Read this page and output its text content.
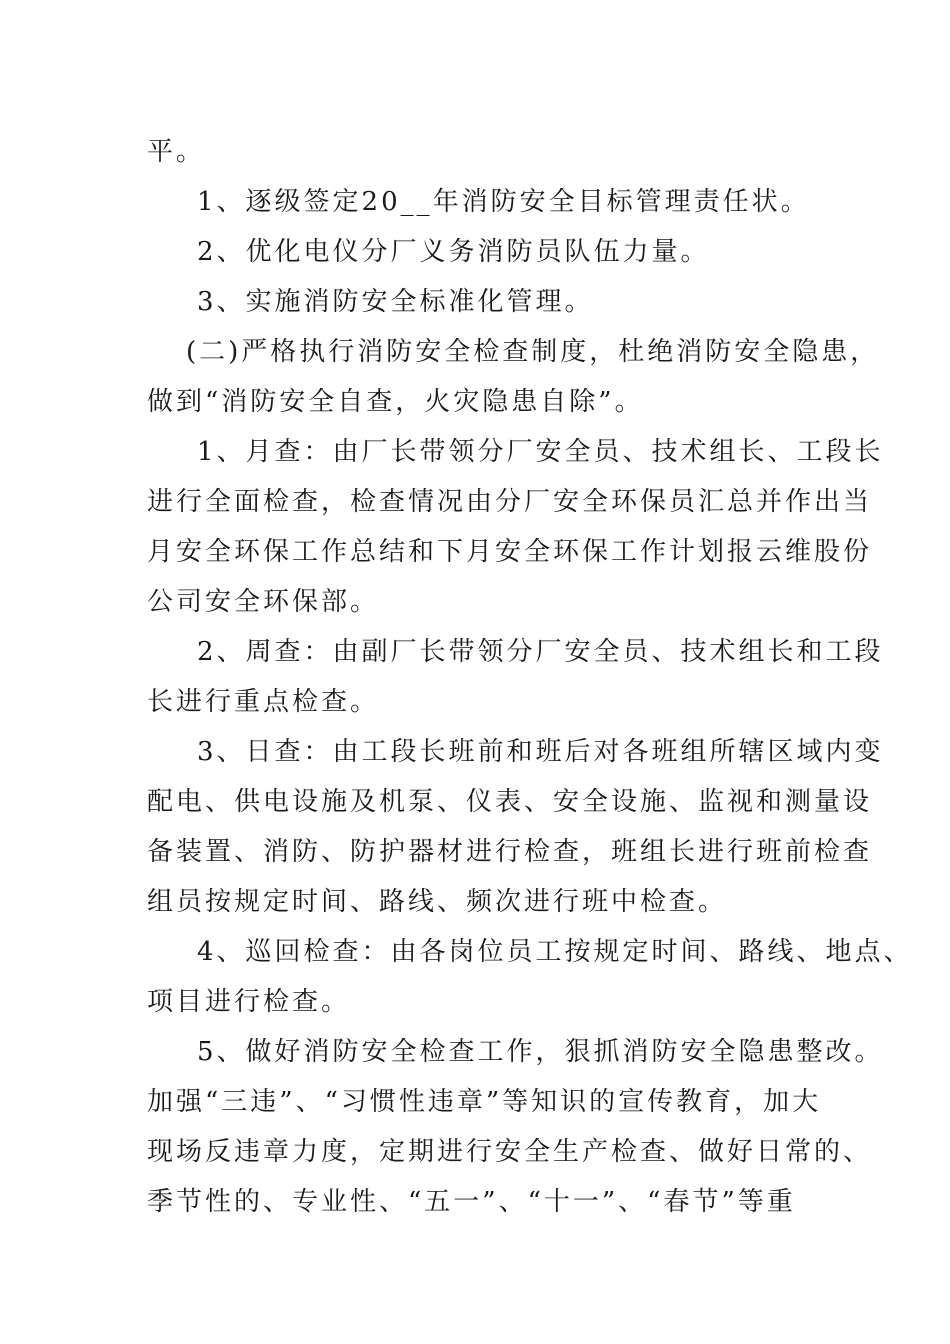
平。
1、逐级签定20__年消防安全目标管理责任状。
2、优化电仪分厂义务消防员队伍力量。
3、实施消防安全标准化管理。
(二)严格执行消防安全检查制度，杜绝消防安全隐患，
做到“消防安全自查，火灾隐患自除”。
1、月查：由厂长带领分厂安全员、技术组长、工段长
进行全面检查，检查情况由分厂安全环保员汇总并作出当
月安全环保工作总结和下月安全环保工作计划报云维股份
公司安全环保部。
2、周查：由副厂长带领分厂安全员、技术组长和工段
长进行重点检查。
3、日查：由工段长班前和班后对各班组所辖区域内变
配电、供电设施及机泵、仪表、安全设施、监视和测量设
备装置、消防、防护器材进行检查，班组长进行班前检查
组员按规定时间、路线、频次进行班中检查。
4、巡回检查：由各岗位员工按规定时间、路线、地点、
项目进行检查。
5、做好消防安全检查工作，狠抓消防安全隐患整改。
加强“三违”、“习惯性违章”等知识的宣传教育，加大
现场反违章力度，定期进行安全生产检查、做好日常的、
季节性的、专业性、“五一”、“十一”、“春节”等重
